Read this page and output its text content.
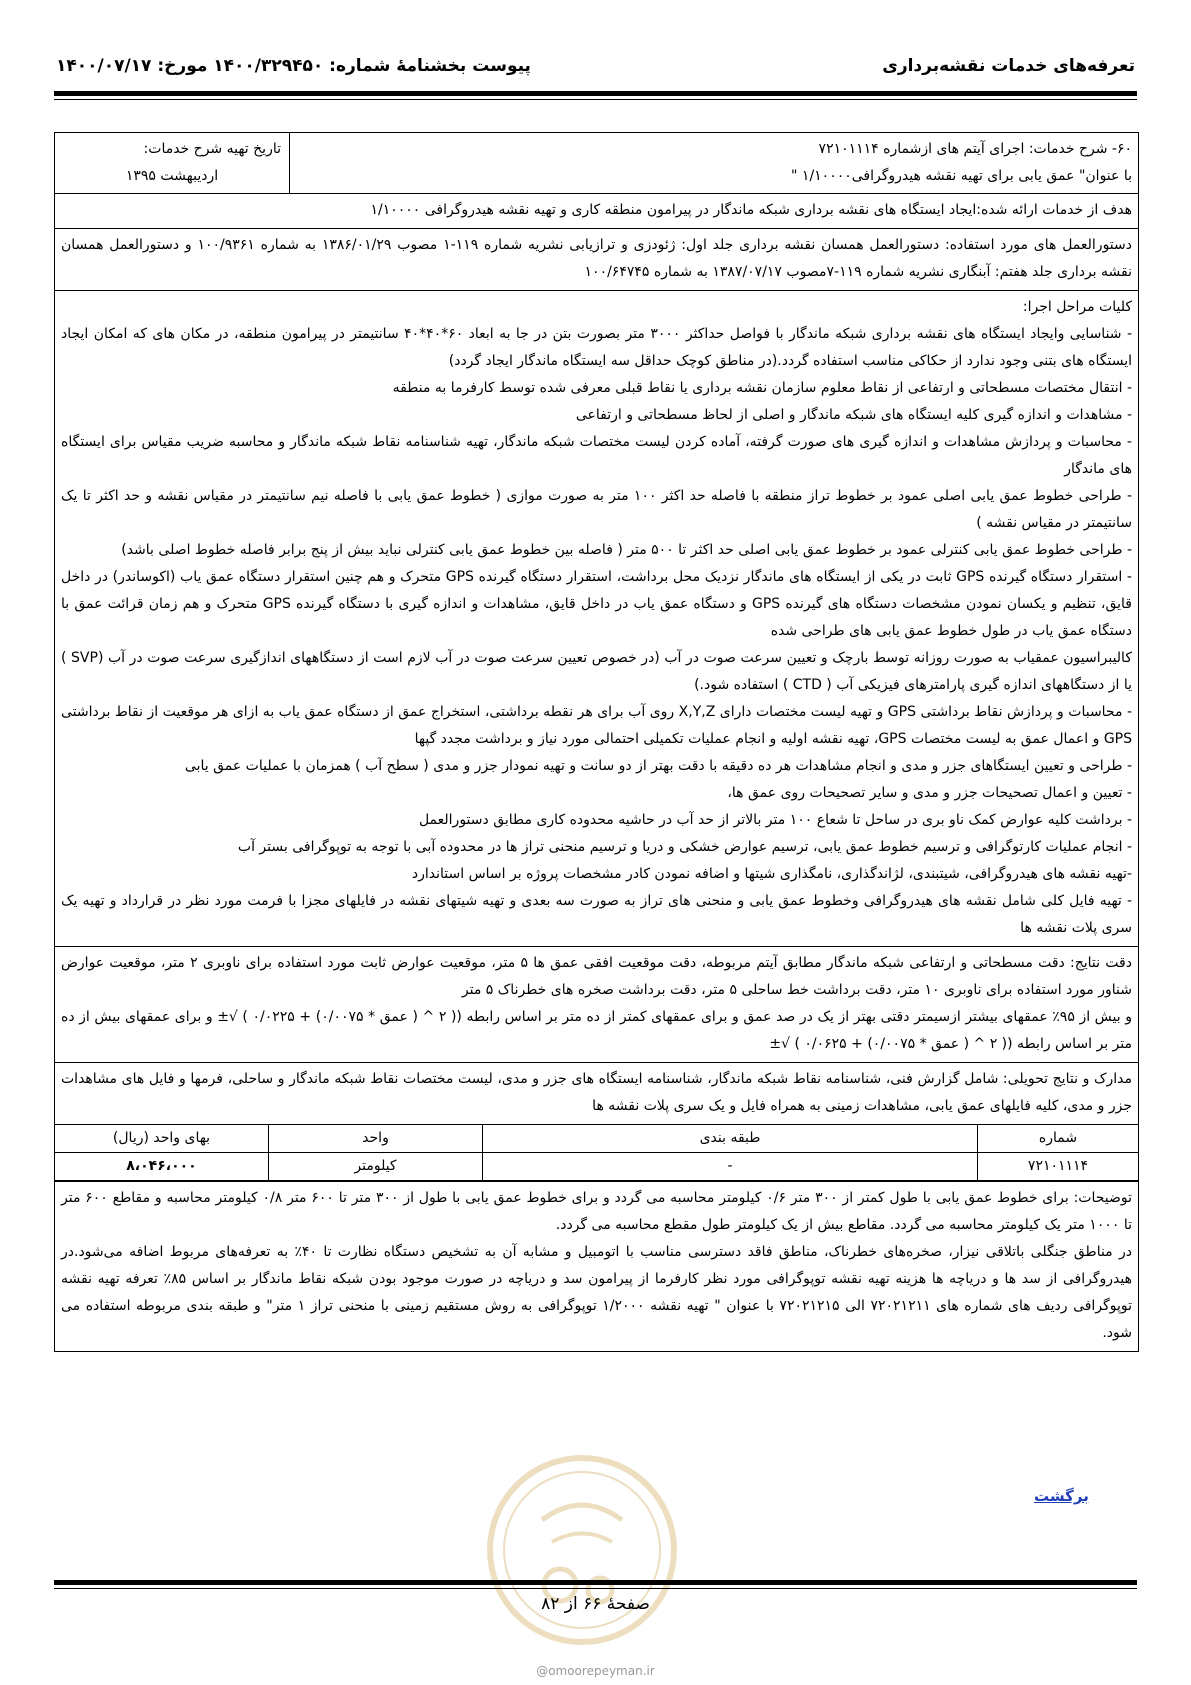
تعرفه‌های خدمات نقشه‌برداری
پیوست بخشنامۀ شماره: ۱۴۰۰/۳۲۹۴۵۰ مورخ: ۱۴۰۰/۰۷/۱۷

۶۰- شرح خدمات: اجرای آیتم های ازشماره ۷۲۱۰۱۱۱۴

با عنوان" عمق یابی برای تهیه نقشه هیدروگرافی۱/۱۰۰۰۰ "

تاریخ تهیه شرح خدمات:
اردیبهشت ۱۳۹۵

هدف از خدمات ارائه شده:ایجاد ایستگاه های نقشه برداری شبکه ماندگار در پیرامون منطقه کاری و تهیه نقشه هیدروگرافی ۱/۱۰۰۰۰

دستورالعمل های مورد استفاده: دستورالعمل همسان نقشه برداری جلد اول: ژئودزی و ترازیابی نشریه شماره ۱۱۹-۱ مصوب ۱۳۸۶/۰۱/۲۹ به شماره ۱۰۰/۹۳۶۱ و دستورالعمل همسان نقشه برداری جلد هفتم: آبنگاری نشریه شماره ۱۱۹-۷مصوب ۱۳۸۷/۰۷/۱۷ به شماره ۱۰۰/۶۴۷۴۵

کلیات مراحل اجرا:

- شناسایی وایجاد ایستگاه های نقشه برداری شبکه ماندگار با فواصل حداکثر ۳۰۰۰ متر بصورت بتن در جا به ابعاد ۶۰*۴۰*۴۰ سانتیمتر در پیرامون منطقه، در مکان های که امکان ایجاد ایستگاه های بتنی وجود ندارد از حکاکی مناسب استفاده گردد.(در مناطق کوچک حداقل سه ایستگاه ماندگار ایجاد گردد)

- انتقال مختصات مسطحاتی و ارتفاعی از نقاط معلوم سازمان نقشه برداری یا نقاط قبلی معرفی شده توسط کارفرما به منطقه

- مشاهدات و اندازه گیری کلیه ایستگاه های شبکه ماندگار و اصلی از لحاظ مسطحاتی و ارتفاعی

- محاسبات و پردازش مشاهدات و اندازه گیری های صورت گرفته، آماده کردن لیست مختصات شبکه ماندگار، تهیه شناسنامه نقاط شبکه ماندگار و محاسبه ضریب مقیاس برای ایستگاه های ماندگار

- طراحی خطوط عمق یابی اصلی عمود بر خطوط تراز منطقه با فاصله حد اکثر ۱۰۰ متر به صورت موازی ( خطوط عمق یابی با فاصله نیم سانتیمتر در مقیاس نقشه و حد اکثر تا یک سانتیمتر در مقیاس نقشه )

- طراحی خطوط عمق یابی کنترلی عمود بر خطوط عمق یابی اصلی حد اکثر تا ۵۰۰ متر ( فاصله بین خطوط عمق یابی کنترلی نباید بیش از پنج برابر فاصله خطوط اصلی باشد)

- استقرار دستگاه گیرنده GPS ثابت در یکی از ایستگاه های ماندگار نزدیک محل برداشت، استقرار دستگاه گیرنده GPS متحرک و هم چنین استقرار دستگاه عمق یاب (اکوساندر) در داخل قایق، تنظیم و یکسان نمودن مشخصات دستگاه های گیرنده GPS و دستگاه عمق یاب در داخل قایق، مشاهدات و اندازه گیری با دستگاه گیرنده GPS متحرک و هم زمان قرائت عمق با دستگاه عمق یاب در طول خطوط عمق یابی های طراحی شده

کالیبراسیون عمقیاب به صورت روزانه توسط بارچک و تعیین سرعت صوت در آب (در خصوص تعیین سرعت صوت در آب لازم است از دستگاههای اندازگیری سرعت صوت در آب (SVP ) یا از دستگاههای اندازه گیری پارامترهای فیزیکی آب ( CTD ) استفاده شود.)

- محاسبات و پردازش نقاط برداشتی GPS و تهیه لیست مختصات دارای X,Y,Z روی آب برای هر نقطه برداشتی، استخراج عمق از دستگاه عمق یاب به ازای هر موقعیت از نقاط برداشتی GPS و اعمال عمق به لیست مختصات GPS، تهیه نقشه اولیه و انجام عملیات تکمیلی احتمالی مورد نیاز و برداشت مجدد گپها

- طراحی و تعیین ایستگاهای جزر و مدی و انجام مشاهدات هر ده دقیقه با دقت بهتر از دو سانت و تهیه نمودار جزر و مدی ( سطح آب ) همزمان با عملیات عمق یابی

- تعیین و اعمال تصحیحات جزر و مدی و سایر تصحیحات روی عمق ها،

- برداشت کلیه عوارض کمک ناو بری در ساحل تا شعاع ۱۰۰ متر بالاتر از حد آب در حاشیه محدوده کاری مطابق دستورالعمل

- انجام عملیات کارتوگرافی و ترسیم خطوط عمق یابی، ترسیم عوارض خشکی و دریا و ترسیم منحنی تراز ها در محدوده آبی با توجه به توپوگرافی بستر آب

-تهیه نقشه های هیدروگرافی، شیتبندی، لژاندگذاری، نامگذاری شیتها و اضافه نمودن کادر مشخصات پروژه بر اساس استاندارد

- تهیه فایل کلی شامل نقشه های هیدروگرافی وخطوط عمق یابی و منحنی های تراز به صورت سه بعدی و تهیه شیتهای نقشه در فایلهای مجزا با فرمت مورد نظر در قرارداد و تهیه یک سری پلات نقشه ها

دقت نتایج: دقت مسطحاتی و ارتفاعی شبکه ماندگار مطابق آیتم مربوطه، دقت موقعیت افقی عمق ها ۵ متر، موقعیت عوارض ثابت مورد استفاده برای ناوبری ۲ متر، موقعیت عوارض شناور مورد استفاده برای ناوبری ۱۰ متر، دقت برداشت خط ساحلی ۵ متر، دقت برداشت صخره های خطرناک ۵ متر

و بیش از ۹۵٪ عمقهای بیشتر ازسیمتر دقتی بهتر از یک در صد عمق و برای عمقهای کمتر از ده متر بر اساس رابطه (( ۲ ^ ( عمق * ۰/۰۰۷۵) + ۰/۰۲۲۵ ) √± و برای عمقهای بیش از ده متر بر اساس رابطه (( ۲ ^ ( عمق * ۰/۰۰۷۵) + ۰/۰۶۲۵ ) √±

مدارک و نتایج تحویلی: شامل گزارش فنی، شناسنامه نقاط شبکه ماندگار، شناسنامه ایستگاه های جزر و مدی، لیست مختصات نقاط شبکه ماندگار و ساحلی، فرمها و فایل های مشاهدات جزر و مدی، کلیه فایلهای عمق یابی، مشاهدات زمینی به همراه فایل و یک سری پلات نقشه ها

شماره	طبقه بندی	واحد	بهای واحد (ریال)
۷۲۱۰۱۱۱۴	-	کیلومتر	۸،۰۴۶،۰۰۰

توضیحات: برای خطوط عمق یابی با طول کمتر از ۳۰۰ متر ۰/۶ کیلومتر محاسبه می گردد و برای خطوط عمق یابی با طول از ۳۰۰ متر تا ۶۰۰ متر ۰/۸ کیلومتر محاسبه و مقاطع ۶۰۰ متر تا ۱۰۰۰ متر یک کیلومتر محاسبه می گردد. مقاطع بیش از یک کیلومتر طول مقطع محاسبه می گردد.

در مناطق جنگلی باتلاقی نیزار، صخره‌های خطرناک، مناطق فاقد دسترسی مناسب با اتومبیل و مشابه آن به تشخیص دستگاه نظارت تا ۴۰٪ به تعرفه‌های مربوط اضافه می‌شود.در هیدروگرافی از سد ها و دریاچه ها هزینه تهیه نقشه توپوگرافی مورد نظر کارفرما از پیرامون سد و دریاچه در صورت موجود بودن شبکه نقاط ماندگار بر اساس ۸۵٪ تعرفه تهیه نقشه توپوگرافی ردیف های شماره های ۷۲۰۲۱۲۱۱ الی ۷۲۰۲۱۲۱۵ با عنوان " تهیه نقشه ۱/۲۰۰۰ توپوگرافی به روش مستقیم زمینی با منحنی تراز ۱ متر" و طبقه بندی مربوطه استفاده می شود.

برگشت
صفحۀ ۶۶ از ۸۲
@omoorepeyman.ir
